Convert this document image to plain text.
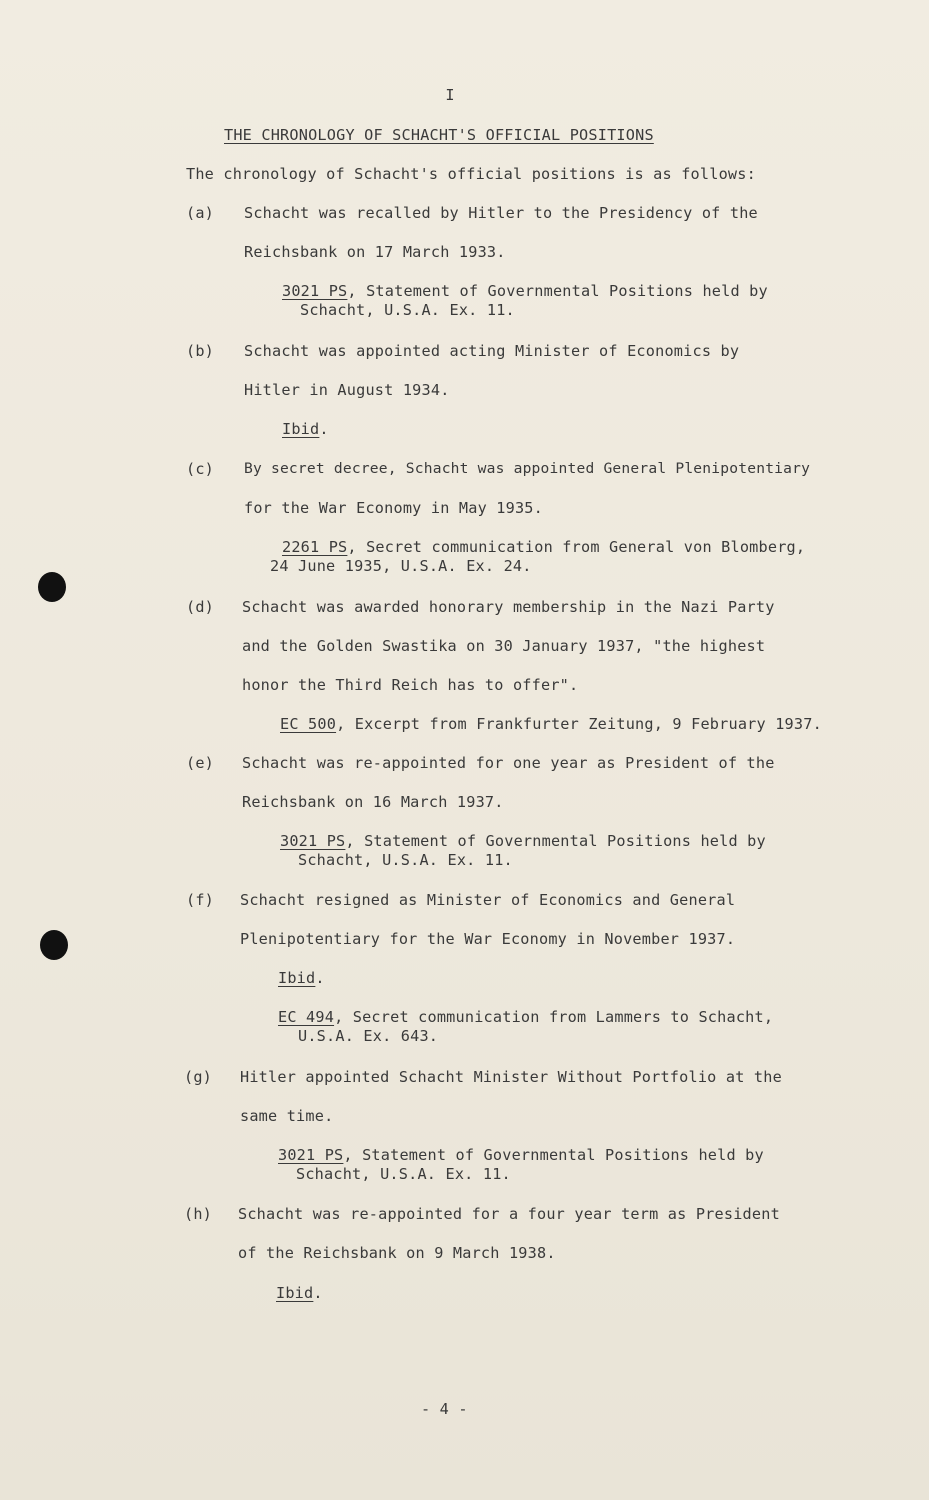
I
THE CHRONOLOGY OF SCHACHT'S OFFICIAL POSITIONS
The chronology of Schacht's official positions is as follows:
(a) Schacht was recalled by Hitler to the Presidency of the
Reichsbank on 17 March 1933.
3021 PS, Statement of Governmental Positions held by
Schacht, U.S.A. Ex. 11.
(b) Schacht was appointed acting Minister of Economics by
Hitler in August 1934.
Ibid.
(c) By secret decree, Schacht was appointed General Plenipotentiary
for the War Economy in May 1935.
2261 PS, Secret communication from General von Blomberg,
24 June 1935, U.S.A. Ex. 24.
(d) Schacht was awarded honorary membership in the Nazi Party
and the Golden Swastika on 30 January 1937, "the highest
honor the Third Reich has to offer".
EC 500, Excerpt from Frankfurter Zeitung, 9 February 1937.
(e) Schacht was re-appointed for one year as President of the
Reichsbank on 16 March 1937.
3021 PS, Statement of Governmental Positions held by
Schacht, U.S.A. Ex. 11.
(f) Schacht resigned as Minister of Economics and General
Plenipotentiary for the War Economy in November 1937.
Ibid.
EC 494, Secret communication from Lammers to Schacht,
U.S.A. Ex. 643.
(g) Hitler appointed Schacht Minister Without Portfolio at the
same time.
3021 PS, Statement of Governmental Positions held by
Schacht, U.S.A. Ex. 11.
(h) Schacht was re-appointed for a four year term as President
of the Reichsbank on 9 March 1938.
Ibid.
- 4 -
